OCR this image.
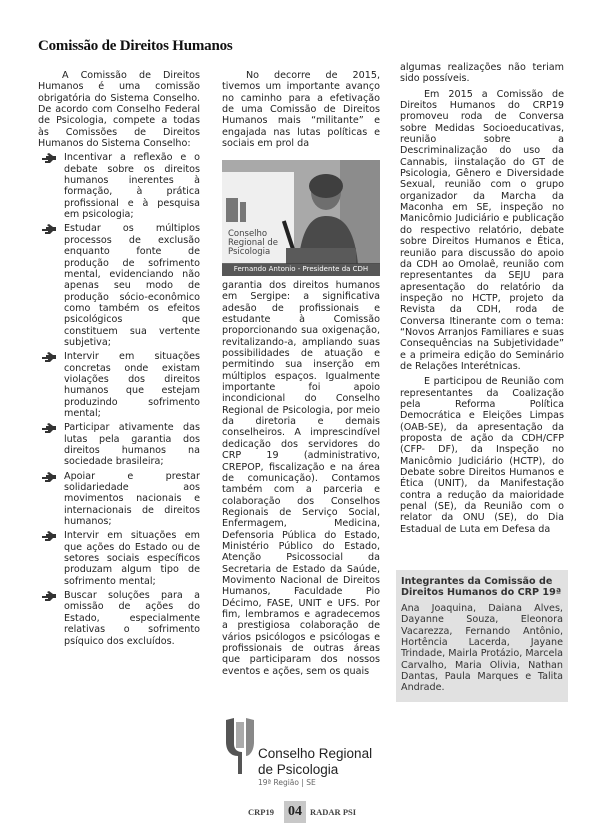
Comissão de Direitos Humanos

A Comissão de Direitos Humanos é uma comissão obrigatória do Sistema Conselho. De acordo com Conselho Federal de Psicologia, compete a todas às Comissões de Direitos Humanos do Sistema Conselho:

Incentivar a reflexão e o debate sobre os direitos humanos inerentes à formação, à prática profissional e à pesquisa em psicologia;
Estudar os múltiplos processos de exclusão enquanto fonte de produção de sofrimento mental, evidenciando não apenas seu modo de produção sócio-econômico como também os efeitos psicológicos que constituem sua vertente subjetiva;
Intervir em situações concretas onde existam violações dos direitos humanos que estejam produzindo sofrimento mental;
Participar ativamente das lutas pela garantia dos direitos humanos na sociedade brasileira;
Apoiar e prestar solidariedade aos movimentos nacionais e internacionais de direitos humanos;
Intervir em situações em que ações do Estado ou de setores sociais específicos produzam algum tipo de sofrimento mental;
Buscar soluções para a omissão de ações do Estado, especialmente relativas o sofrimento psíquico dos excluídos.

No decorre de 2015, tivemos um importante avanço no caminho para a efetivação de uma Comissão de Direitos Humanos mais “militante” e engajada nas lutas políticas e sociais em prol da

Conselho Regional de Psicologia
Fernando Antonio - Presidente da CDH

garantia dos direitos humanos em Sergipe: a significativa adesão de profissionais e estudante à Comissão proporcionando sua oxigenação, revitalizando-a, ampliando suas possibilidades de atuação e permitindo sua inserção em múltiplos espaços. Igualmente importante foi apoio incondicional do Conselho Regional de Psicologia, por meio da diretoria e demais conselheiros. A imprescindível dedicação dos servidores do CRP 19 (administrativo, CREPOP, fiscalização e na área de comunicação). Contamos também com a parceria e colaboração dos Conselhos Regionais de Serviço Social, Enfermagem, Medicina, Defensoria Pública do Estado, Ministério Público do Estado, Atenção Psicossocial da Secretaria de Estado da Saúde, Movimento Nacional de Direitos Humanos, Faculdade Pio Décimo, FASE, UNIT e UFS. Por fim, lembramos e agradecemos a prestigiosa colaboração de vários psicólogos e psicólogas e profissionais de outras áreas que participaram dos nossos eventos e ações, sem os quais

algumas realizações não teriam sido possíveis.

Em 2015 a Comissão de Direitos Humanos do CRP19 promoveu roda de Conversa sobre Medidas Socioeducativas, reunião sobre a Descriminalização do uso da Cannabis, iinstalação do GT de Psicologia, Gênero e Diversidade Sexual, reunião com o grupo organizador da Marcha da Maconha em SE, inspeção no Manicômio Judiciário e publicação do respectivo relatório, debate sobre Direitos Humanos e Ética, reunião para discussão do apoio da CDH ao Omolaê, reunião com representantes da SEJU para apresentação do relatório da inspeção no HCTP, projeto da Revista da CDH, roda de Conversa Itinerante com o tema: “Novos Arranjos Familiares e suas Consequências na Subjetividade” e a primeira edição do Seminário de Relações Interétnicas.

E participou de Reunião com representantes da Coalização pela Reforma Política Democrática e Eleições Limpas (OAB-SE), da apresentação da proposta de ação da CDH/CFP (CFP- DF), da Inspeção no Manicômio Judiciário (HCTP), do Debate sobre Direitos Humanos e Ética (UNIT), da Manifestação contra a redução da maioridade penal (SE), da Reunião com o relator da ONU (SE), do Dia Estadual de Luta em Defesa da

Integrantes da Comissão de Direitos Humanos do CRP 19ª

Ana Joaquina, Daiana Alves, Dayanne Souza, Eleonora Vacarezza, Fernando Antônio, Hortência Lacerda, Jayane Trindade, Mairla Protázio, Marcela Carvalho, Maria Olivia, Nathan Dantas, Paula Marques e Talita Andrade.

Conselho Regional
de Psicologia
19ª Região | SE
CRP19 04 RADAR PSI
